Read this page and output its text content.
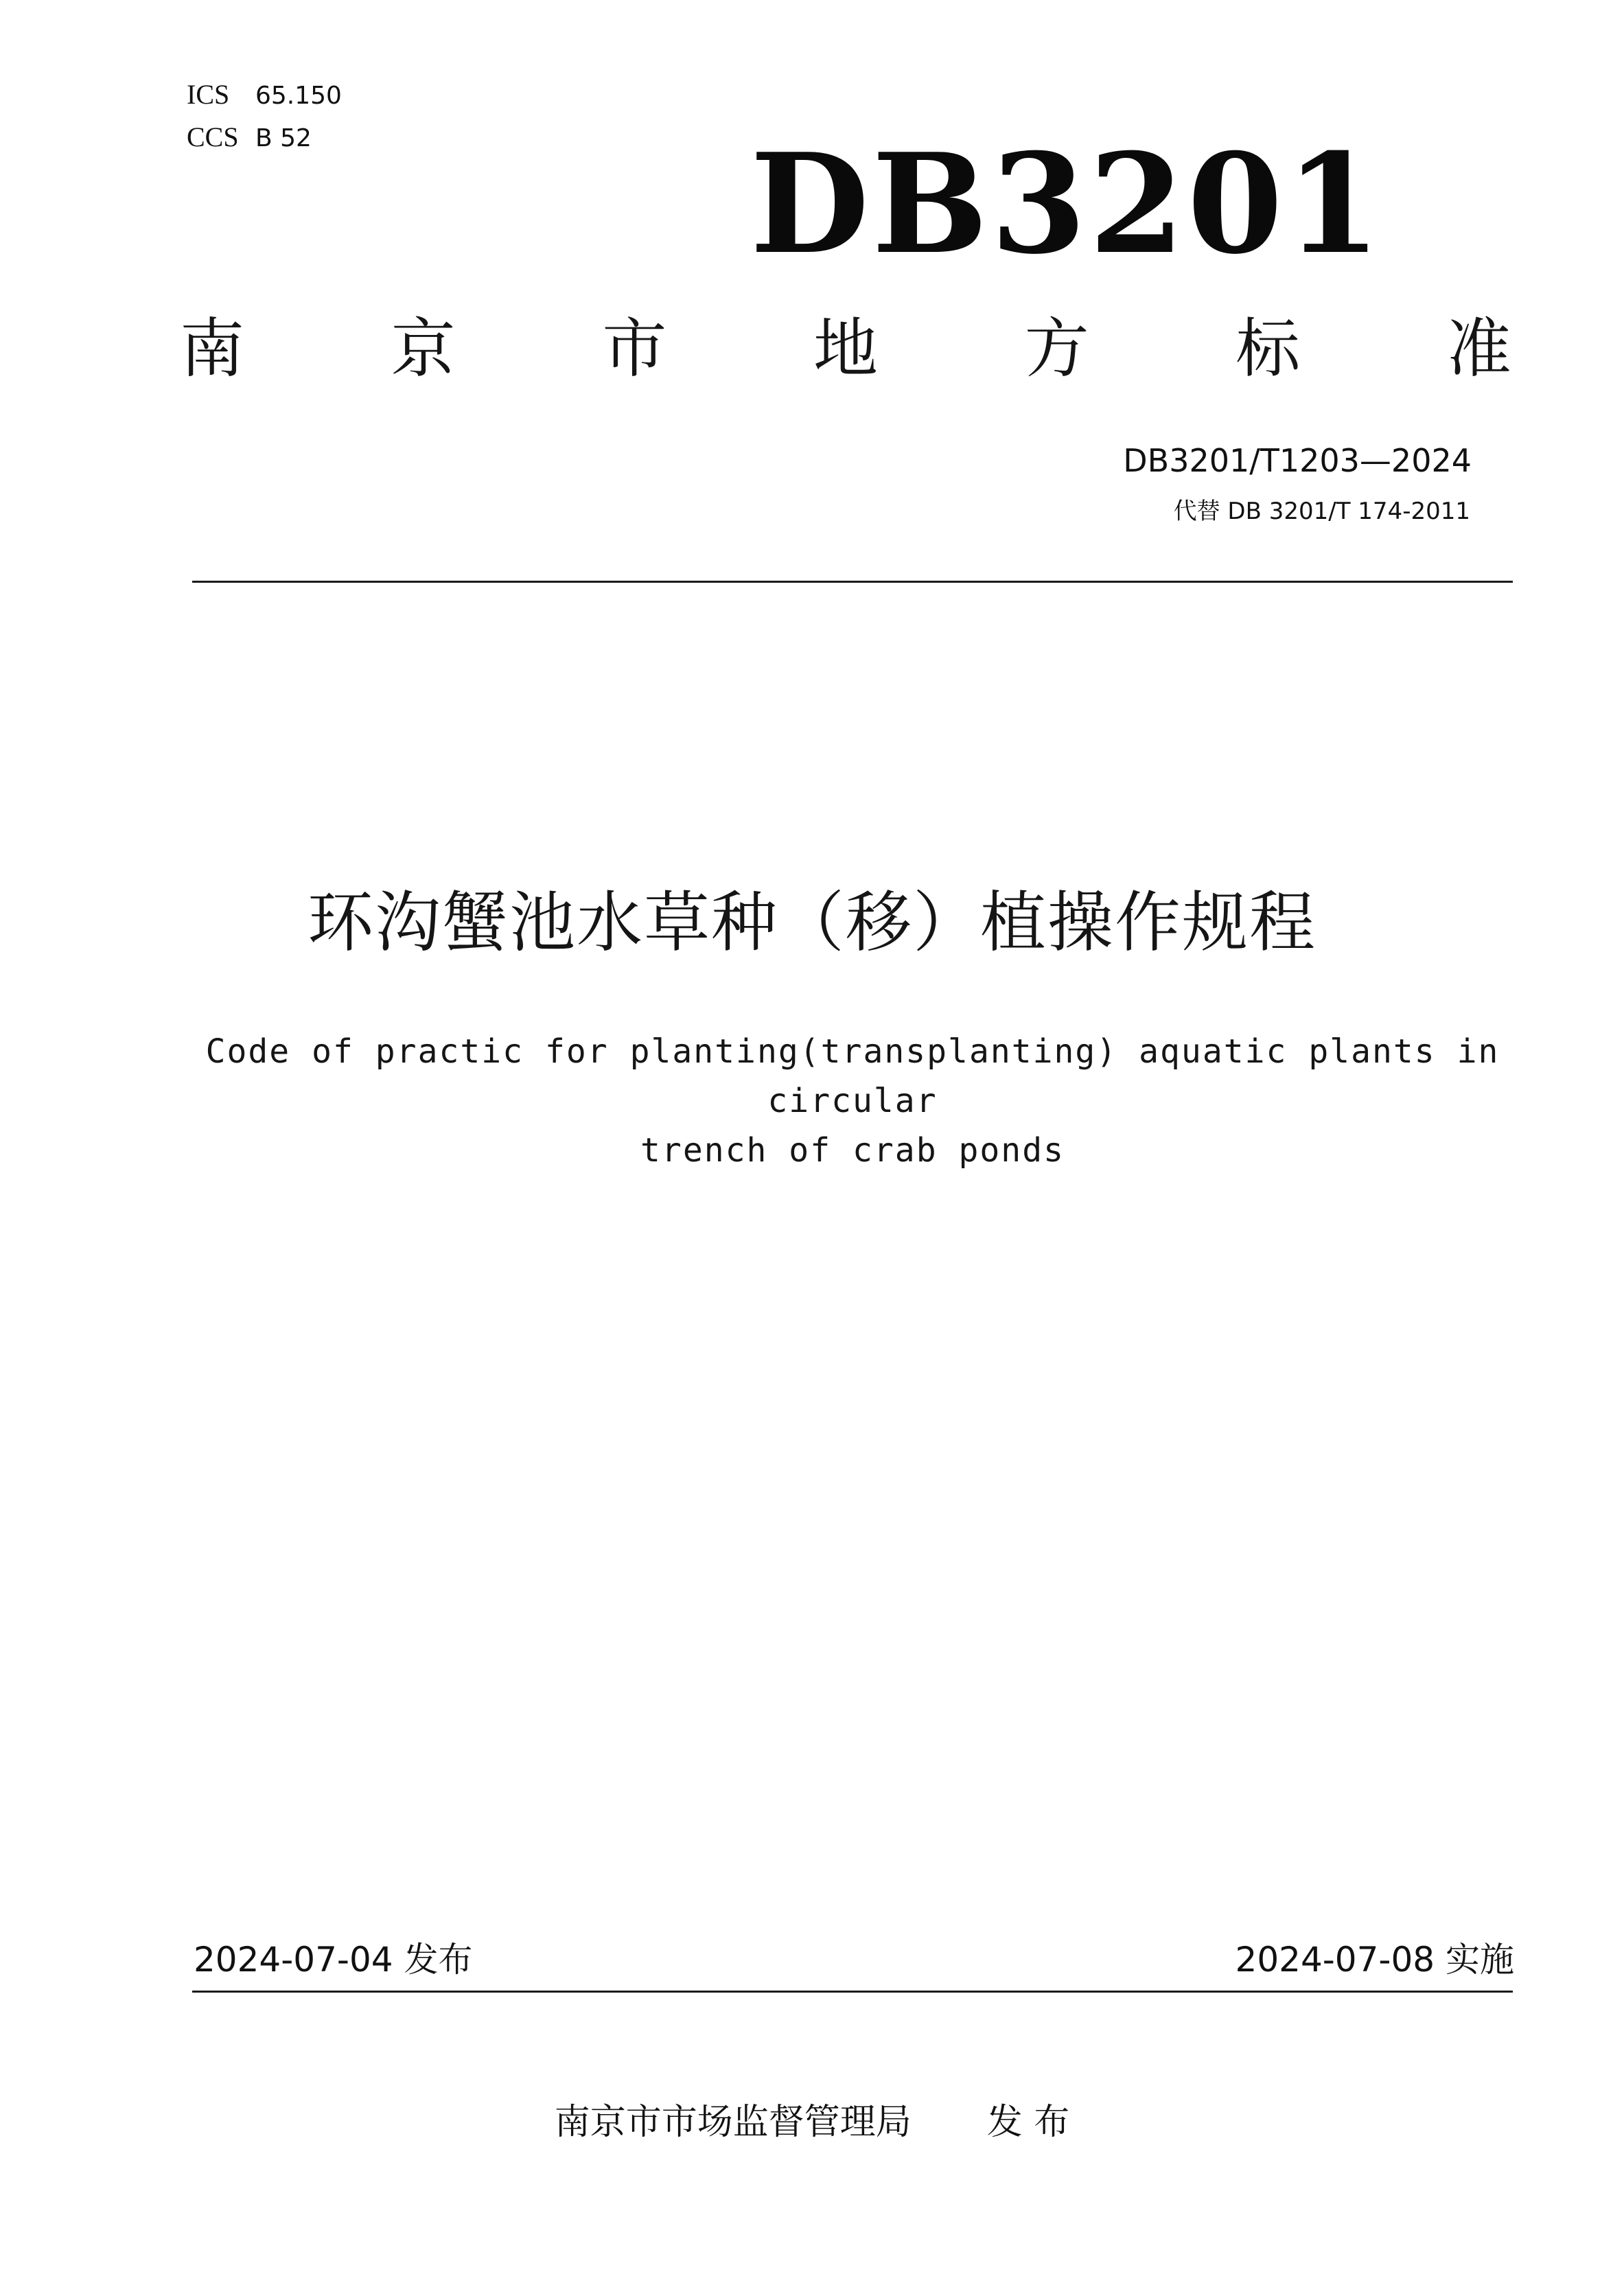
ICS 65.150
CCS B 52	DB3201
南 京 市 地 方 标 准
DB3201/T1203—2024
代替 DB 3201/T 174-2011
环沟蟹池水草种（移）植操作规程
Code of practic for planting(transplanting) aquatic plants in circular
trench of crab ponds
2024-07-04 发布	2024-07-08 实施
南京市市场监督管理局 发 布
